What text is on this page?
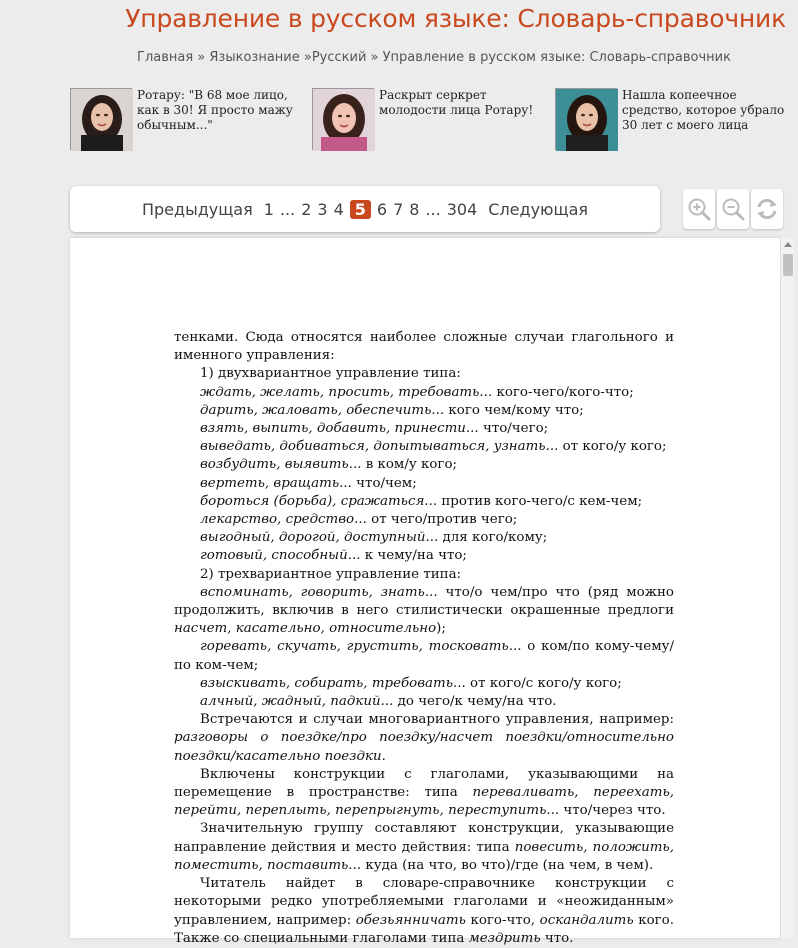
Управление в русском языке: Словарь-справочник
Главная » Языкознание »Русский » Управление в русском языке: Словарь-справочник
Ротару: "В 68 мое лицо, как в 30! Я просто мажу обычным..."
Раскрыт серкрет молодости лица Ротару!
Нашла копеечное средство, которое убрало 30 лет с моего лица
Предыдущая 1 ... 2 3 4 5 6 7 8 ... 304 Следующая

тенками. Сюда относятся наиболее сложные случаи глагольного и именного управления:

1) двухвариантное управление типа:

ждать, желать, просить, требовать... кого-чего/кого-что;

дарить, жаловать, обеспечить... кого чем/кому что;

взять, выпить, добавить, принести... что/чего;

выведать, добиваться, допытываться, узнать... от кого/у кого;

возбудить, выявить... в ком/у кого;

вертеть, вращать... что/чем;

бороться (борьба), сражаться... против кого-чего/с кем-чем;

лекарство, средство... от чего/против чего;

выгодный, дорогой, доступный... для кого/кому;

готовый, способный... к чему/на что;

2) трехвариантное управление типа:

вспоминать, говорить, знать... что/о чем/про что (ряд можно продолжить, включив в него стилистически окрашенные предлоги насчет, касательно, относительно);

горевать, скучать, грустить, тосковать... о ком/по кому-чему/по ком-чем;

взыскивать, собирать, требовать... от кого/с кого/у кого;

алчный, жадный, падкий... до чего/к чему/на что.

Встречаются и случаи многовариантного управления, например: разговоры о поездке/про поездку/насчет поездки/относительно поездки/касательно поездки.

Включены конструкции с глаголами, указывающими на перемещение в пространстве: типа переваливать, переехать, перейти, переплыть, перепрыгнуть, переступить... что/через что.

Значительную группу составляют конструкции, указывающие направление действия и место действия: типа повесить, положить, поместить, поставить... куда (на что, во что)/где (на чем, в чем).

Читатель найдет в словаре-справочнике конструкции с некоторыми редко употребляемыми глаголами и «неожиданным» управлением, например: обезьянничать кого-что, оскандалить кого. Также со специальными глаголами типа мездрить что.
